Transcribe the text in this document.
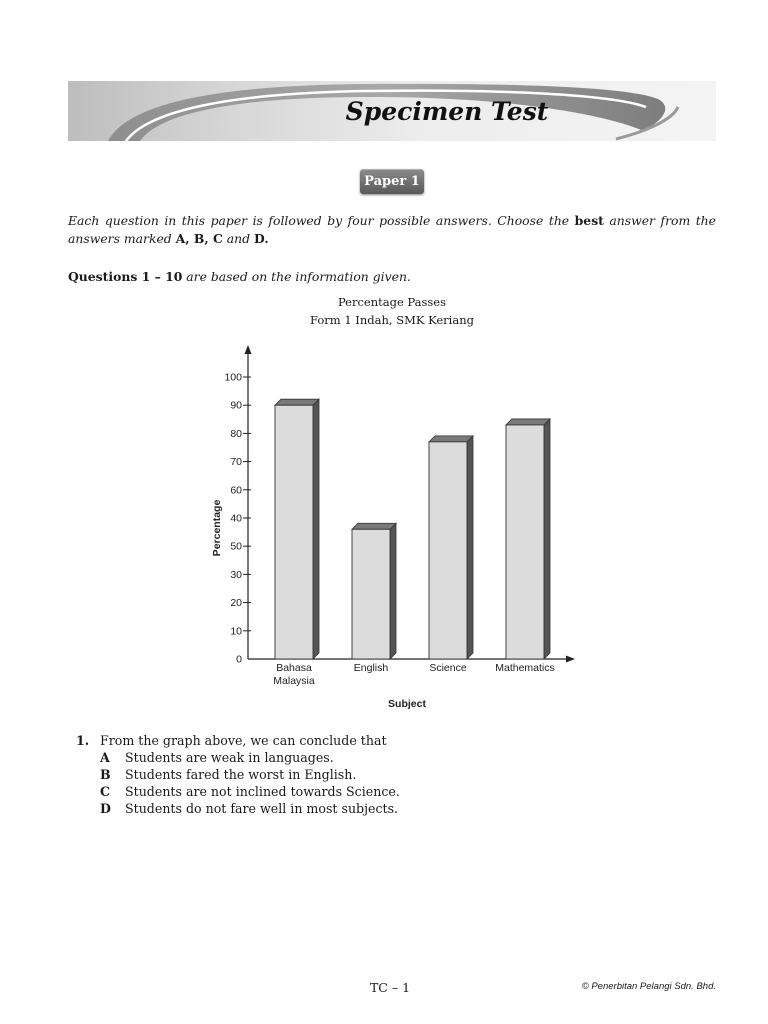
Specimen Test
Paper 1

Each question in this paper is followed by four possible answers. Choose the best answer from the answers marked A, B, C and D.

Questions 1 – 10 are based on the information given.

Percentage Passes
Form 1 Indah, SMK Keriang
0
10
20
30
50
40
60
70
80
90
100
Percentage
Bahasa
Malaysia
English	Science	Mathematics
Subject
1. From the graph above, we can conclude that
A	Students are weak in languages.
B	Students fared the worst in English.
C	Students are not inclined towards Science.
D	Students do not fare well in most subjects.
TC – 1	© Penerbitan Pelangi Sdn. Bhd.
